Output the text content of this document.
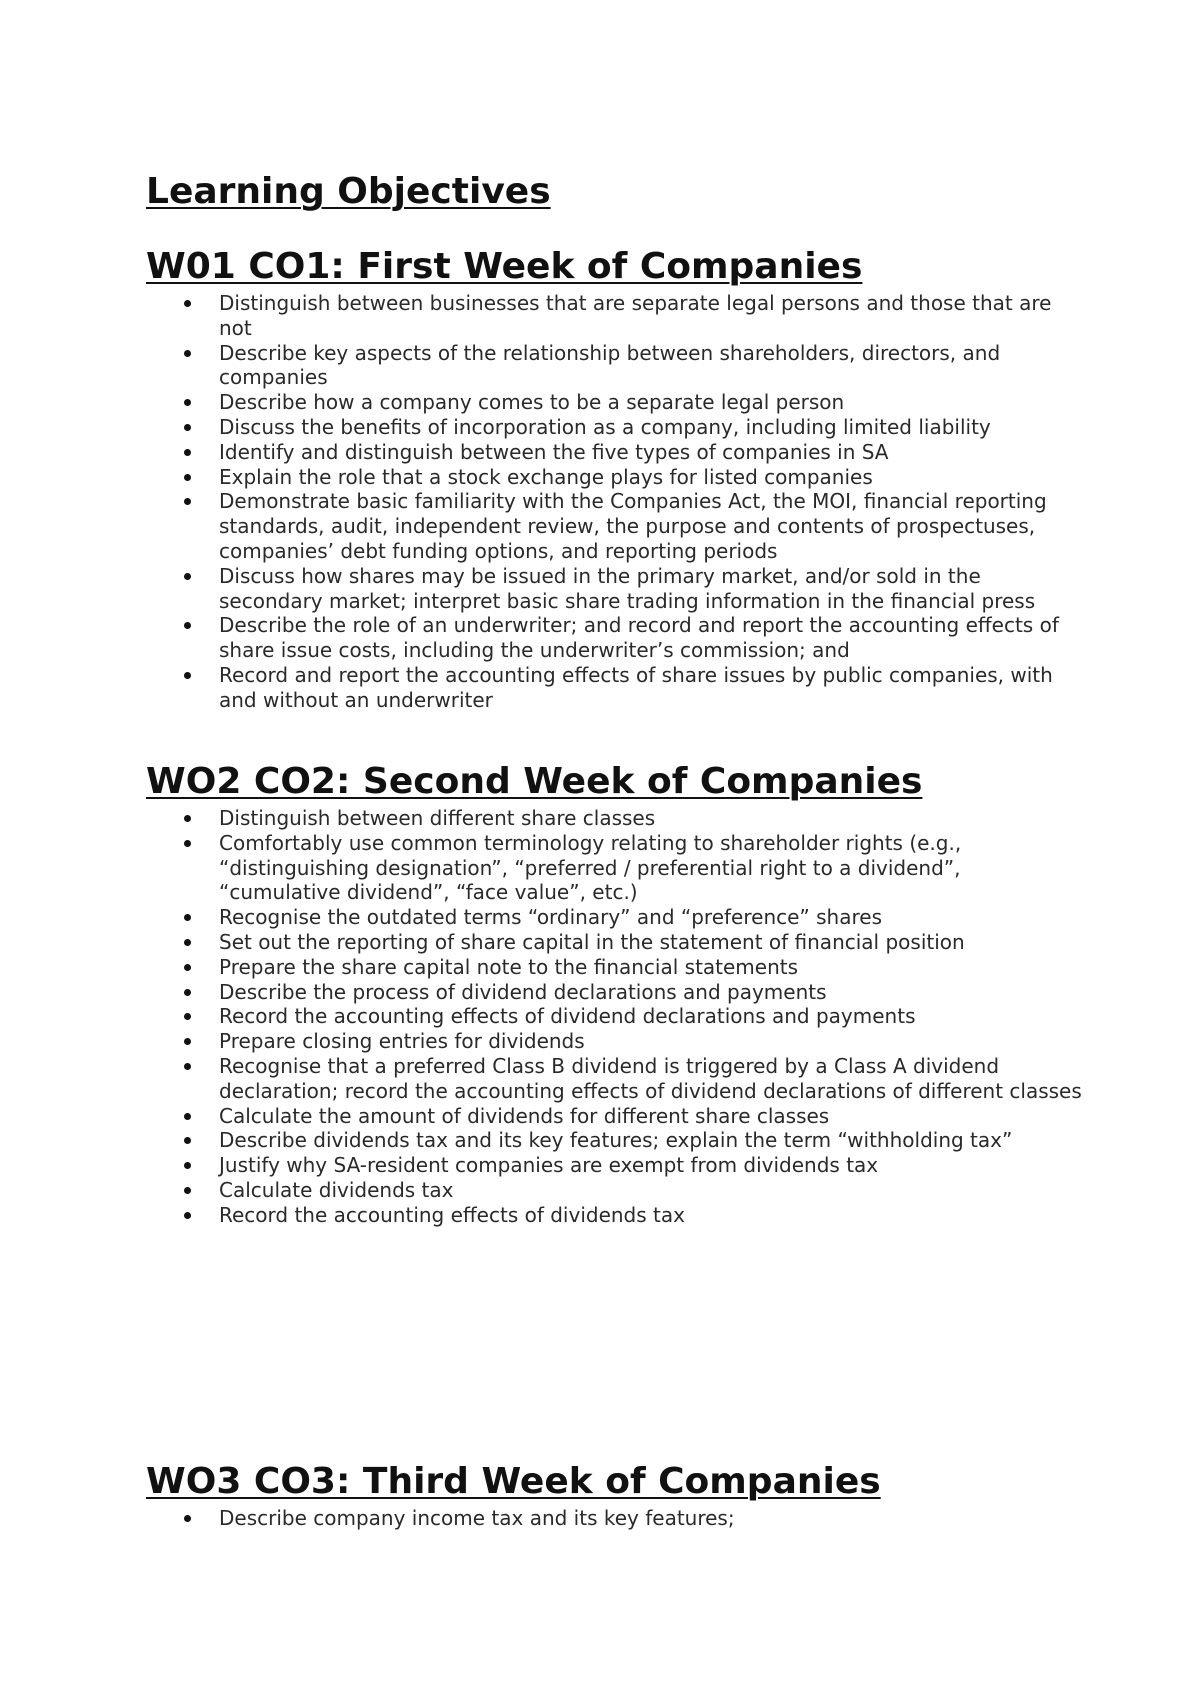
Learning Objectives
W01 CO1: First Week of Companies
Distinguish between businesses that are separate legal persons and those that are not
Describe key aspects of the relationship between shareholders, directors, and companies
Describe how a company comes to be a separate legal person
Discuss the benefits of incorporation as a company, including limited liability
Identify and distinguish between the five types of companies in SA
Explain the role that a stock exchange plays for listed companies
Demonstrate basic familiarity with the Companies Act, the MOI, financial reporting standards, audit, independent review, the purpose and contents of prospectuses, companies’ debt funding options, and reporting periods
Discuss how shares may be issued in the primary market, and/or sold in the secondary market; interpret basic share trading information in the financial press
Describe the role of an underwriter; and record and report the accounting effects of share issue costs, including the underwriter’s commission; and
Record and report the accounting effects of share issues by public companies, with and without an underwriter
WO2 CO2: Second Week of Companies
Distinguish between different share classes
Comfortably use common terminology relating to shareholder rights (e.g., “distinguishing designation”, “preferred / preferential right to a dividend”, “cumulative dividend”, “face value”, etc.)
Recognise the outdated terms “ordinary” and “preference” shares
Set out the reporting of share capital in the statement of financial position
Prepare the share capital note to the financial statements
Describe the process of dividend declarations and payments
Record the accounting effects of dividend declarations and payments
Prepare closing entries for dividends
Recognise that a preferred Class B dividend is triggered by a Class A dividend declaration; record the accounting effects of dividend declarations of different classes
Calculate the amount of dividends for different share classes
Describe dividends tax and its key features; explain the term “withholding tax”
Justify why SA-resident companies are exempt from dividends tax
Calculate dividends tax
Record the accounting effects of dividends tax
WO3 CO3: Third Week of Companies
Describe company income tax and its key features;
